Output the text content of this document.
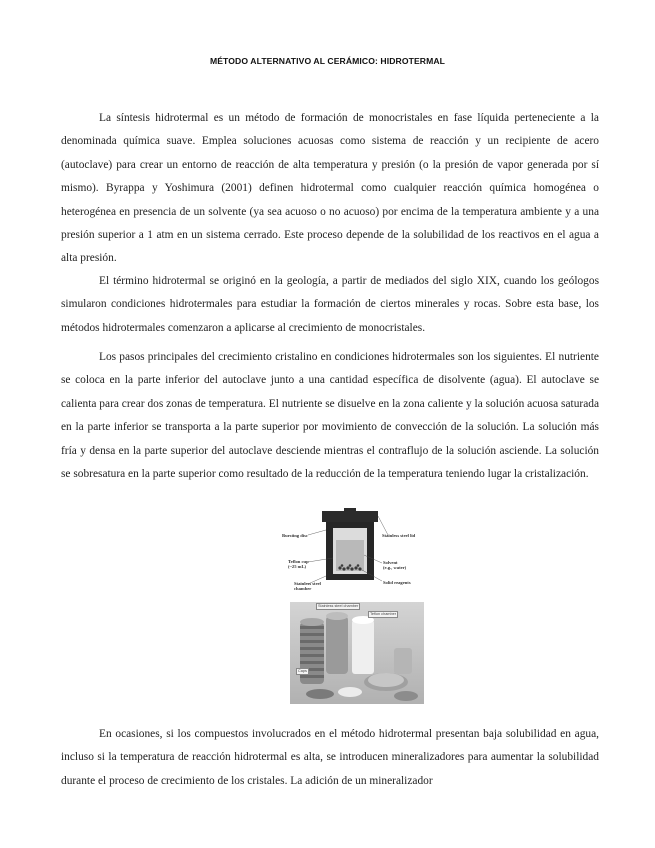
MÉTODO ALTERNATIVO AL CERÁMICO: HIDROTERMAL

La síntesis hidrotermal es un método de formación de monocristales en fase líquida perteneciente a la denominada química suave. Emplea soluciones acuosas como sistema de reacción y un recipiente de acero (autoclave) para crear un entorno de reacción de alta temperatura y presión (o la presión de vapor generada por sí mismo). Byrappa y Yoshimura (2001) definen hidrotermal como cualquier reacción química homogénea o heterogénea en presencia de un solvente (ya sea acuoso o no acuoso) por encima de la temperatura ambiente y a una presión superior a 1 atm en un sistema cerrado. Este proceso depende de la solubilidad de los reactivos en el agua a alta presión.

El término hidrotermal se originó en la geología, a partir de mediados del siglo XIX, cuando los geólogos simularon condiciones hidrotermales para estudiar la formación de ciertos minerales y rocas. Sobre esta base, los métodos hidrotermales comenzaron a aplicarse al crecimiento de monocristales.

Los pasos principales del crecimiento cristalino en condiciones hidrotermales son los siguientes. El nutriente se coloca en la parte inferior del autoclave junto a una cantidad específica de disolvente (agua). El autoclave se calienta para crear dos zonas de temperatura. El nutriente se disuelve en la zona caliente y la solución acuosa saturada en la parte inferior se transporta a la parte superior por movimiento de convección de la solución. La solución más fría y densa en la parte superior del autoclave desciende mientras el contraflujo de la solución asciende. La solución se sobresatura en la parte superior como resultado de la reducción de la temperatura teniendo lugar la cristalización.

Bursting disc	Stainless steel lid
Teflon cup
(~25 mL)
Solvent
(e.g., water)
Stainless steel
chamber
Solid reagents
Stainless steel chamber
Teflon chamber
Caps

En ocasiones, si los compuestos involucrados en el método hidrotermal presentan baja solubilidad en agua, incluso si la temperatura de reacción hidrotermal es alta, se introducen mineralizadores para aumentar la solubilidad durante el proceso de crecimiento de los cristales. La adición de un mineralizador
